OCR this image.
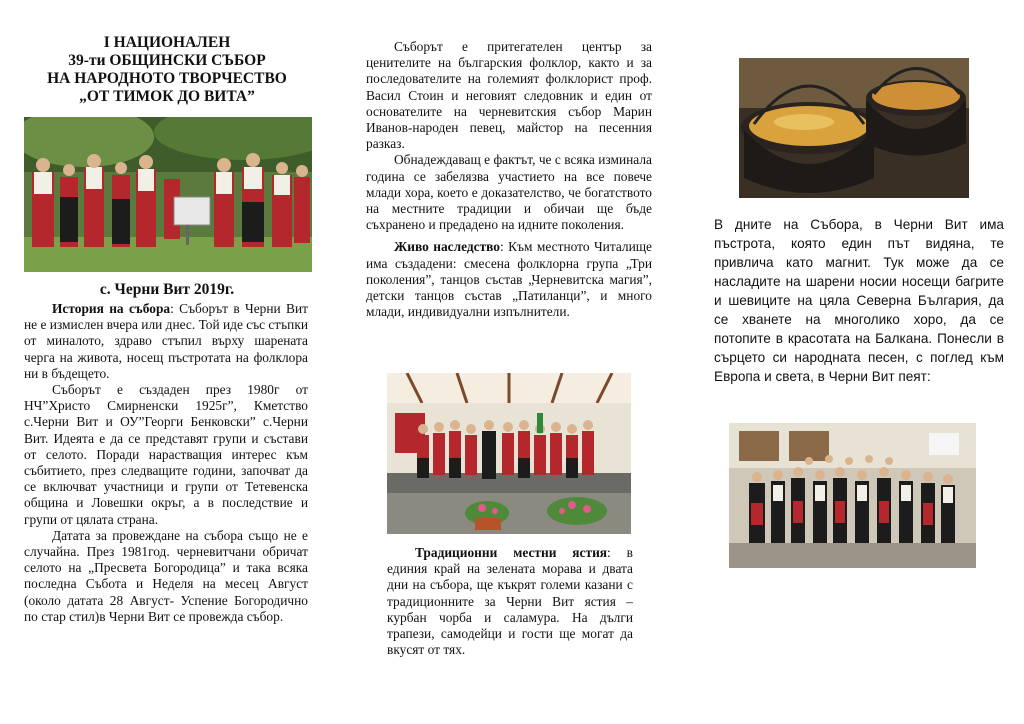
I НАЦИОНАЛЕН
39-ти ОБЩИНСКИ СЪБОР
НА НАРОДНОТО ТВОРЧЕСТВО
„ОТ ТИМОК ДО ВИТА”

с. Черни Вит 2019г.

История на събора: Съборът в Черни Вит не е измислен вчера или днес. Той иде със стъпки от миналото, здраво стъпил върху шарената черга на живота, носещ пъстротата на фолклора ни в бъдещето.

Съборът е създаден през 1980г от НЧ”Христо Смирненски 1925г”, Кметство с.Черни Вит и ОУ”Георги Бенковски” с.Черни Вит. Идеята е да се представят групи и състави от селото. Поради нарастващия интерес към събитието, през следващите години, започват да се включват участници и групи от Тетевенска община и Ловешки окръг, а в последствие и групи от цялата страна.

Датата за провеждане на събора също не е случайна. През 1981год. черневитчани обричат селото на „Пресвета Богородица” и така всяка последна Събота и Неделя на месец Август (около датата 28 Август- Успение Богородично по стар стил)в Черни Вит се провежда събор.

Съборът е притегателен център за ценителите на българския фолклор, както и за последователите на големият фолклорист проф. Васил Стоин и неговият следовник и един от основателите на черневитския събор Марин Иванов-народен певец, майстор на песенния разказ.

Обнадеждаващ е фактът, че с всяка изминала година се забелязва участието на все повече млади хора, което е доказателство, че богатството на местните традиции и обичаи ще бъде съхранено и предадено на идните поколения.

Живо наследство: Към местното Читалище има създадени: смесена фолклорна група „Три поколения”, танцов състав „Черневитска магия”, детски танцов състав „Патиланци”, и много млади, индивидуални изпълнители.

Традиционни местни ястия: в единия край на зелената морава и двата дни на събора, ще къкрят големи казани с традиционните за Черни Вит ястия – курбан чорба и саламура. На дълги трапези, самодейци и гости ще могат да вкусят от тях.

В дните на Събора, в Черни Вит има пъстрота, която един път видяна, те привлича като магнит. Тук може да се насладите на шарени носии носещи багрите и шевиците на цяла Северна България, да се хванете на многолико хоро, да се потопите в красотата на Балкана. Понесли в сърцето си народната песен, с поглед към Европа и света, в Черни Вит пеят:
